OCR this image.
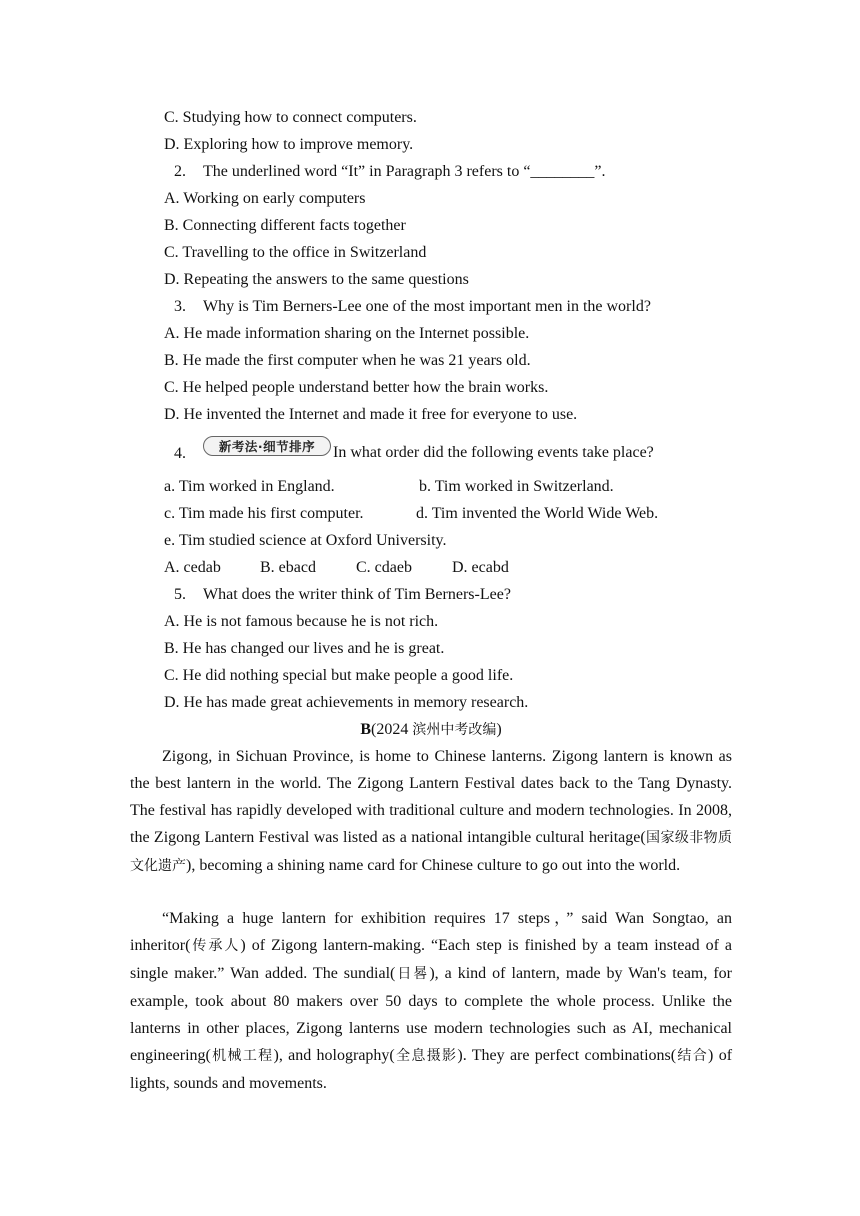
C. Studying how to connect computers.
D. Exploring how to improve memory.
2. The underlined word “It” in Paragraph 3 refers to “________”.
A. Working on early computers
B. Connecting different facts together
C. Travelling to the office in Switzerland
D. Repeating the answers to the same questions
3. Why is Tim Berners-Lee one of the most important men in the world?
A. He made information sharing on the Internet possible.
B. He made the first computer when he was 21 years old.
C. He helped people understand better how the brain works.
D. He invented the Internet and made it free for everyone to use.
4.	新考法·细节排序	In what order did the following events take place?
a. Tim worked in England.	b. Tim worked in Switzerland.
c. Tim made his first computer.	d. Tim invented the World Wide Web.
e. Tim studied science at Oxford University.
A. cedab B. ebacd	C. cdaeb	D. ecabd
5. What does the writer think of Tim Berners-Lee?
A. He is not famous because he is not rich.
B. He has changed our lives and he is great.
C. He did nothing special but make people a good life.
D. He has made great achievements in memory research.
B(2024 滨州中考改编)

Zigong, in Sichuan Province, is home to Chinese lanterns. Zigong lantern is known as the best lantern in the world. The Zigong Lantern Festival dates back to the Tang Dynasty. The festival has rapidly developed with traditional culture and modern technologies. In 2008, the Zigong Lantern Festival was listed as a national intangible cultural heritage(国家级非物质文化遗产), becoming a shining name card for Chinese culture to go out into the world.

“Making a huge lantern for exhibition requires 17 steps，” said Wan Songtao, an inheritor(传承人) of Zigong lantern-making. “Each step is finished by a team instead of a single maker.” Wan added. The sundial(日晷), a kind of lantern, made by Wan's team, for example, took about 80 makers over 50 days to complete the whole process. Unlike the lanterns in other places, Zigong lanterns use modern technologies such as AI, mechanical engineering(机械工程), and holography(全息摄影). They are perfect combinations(结合) of lights, sounds and movements.
